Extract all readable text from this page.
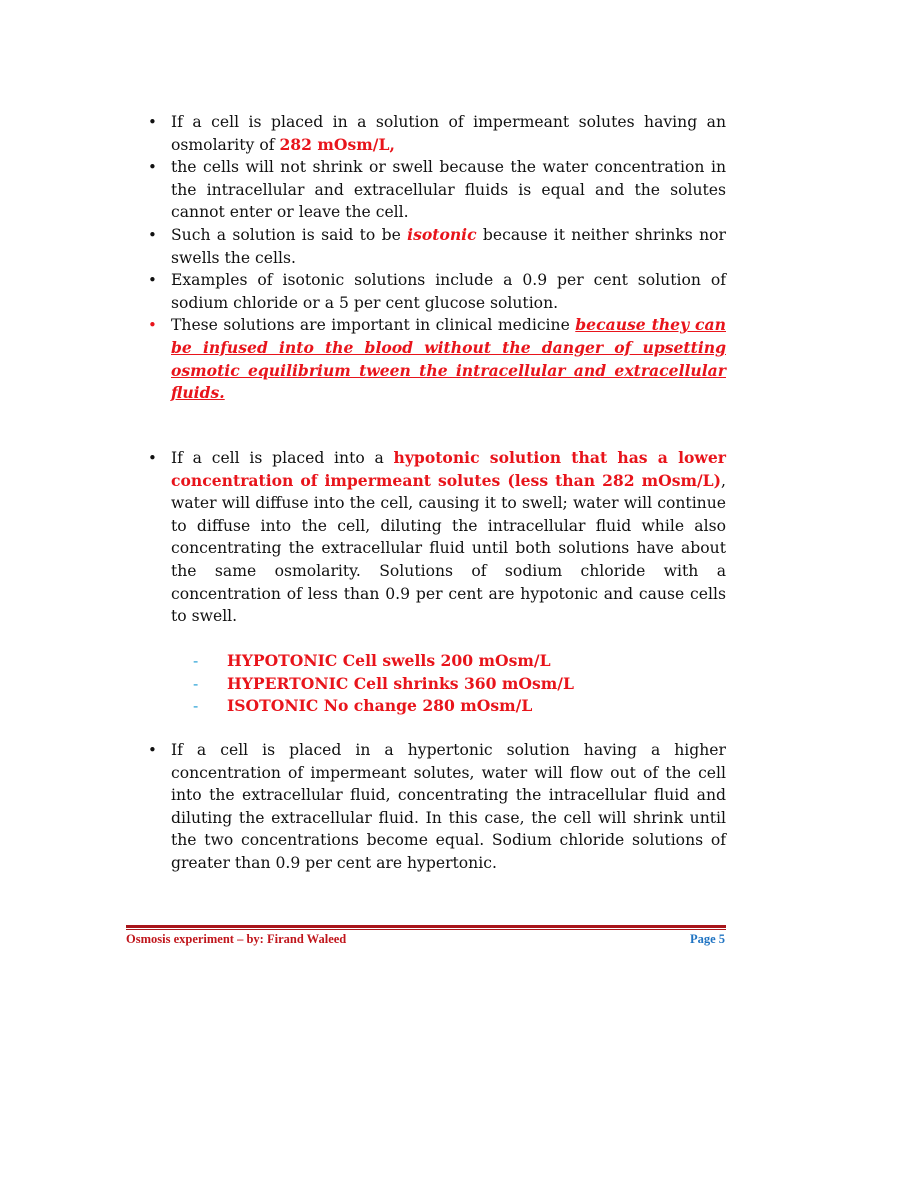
• If a cell is placed in a solution of impermeant solutes having an osmolarity of 282 mOsm/L,
• the cells will not shrink or swell because the water concentration in the intracellular and extracellular fluids is equal and the solutes cannot enter or leave the cell.
• Such a solution is said to be isotonic because it neither shrinks nor swells the cells.
• Examples of isotonic solutions include a 0.9 per cent solution of sodium chloride or a 5 per cent glucose solution.
• These solutions are important in clinical medicine because they can be infused into the blood without the danger of upsetting osmotic equilibrium tween the intracellular and extracellular fluids.
• If a cell is placed into a hypotonic solution that has a lower concentration of impermeant solutes (less than 282 mOsm/L), water will diffuse into the cell, causing it to swell; water will continue to diffuse into the cell, diluting the intracellular fluid while also concentrating the extracellular fluid until both solutions have about the same osmolarity. Solutions of sodium chloride with a concentration of less than 0.9 per cent are hypotonic and cause cells to swell.
- HYPOTONIC Cell swells 200 mOsm/L
- HYPERTONIC Cell shrinks 360 mOsm/L
- ISOTONIC No change 280 mOsm/L
• If a cell is placed in a hypertonic solution having a higher concentration of impermeant solutes, water will flow out of the cell into the extracellular fluid, concentrating the intracellular fluid and diluting the extracellular fluid. In this case, the cell will shrink until the two concentrations become equal. Sodium chloride solutions of greater than 0.9 per cent are hypertonic.
Osmosis experiment – by: Firand Waleed	Page 5
